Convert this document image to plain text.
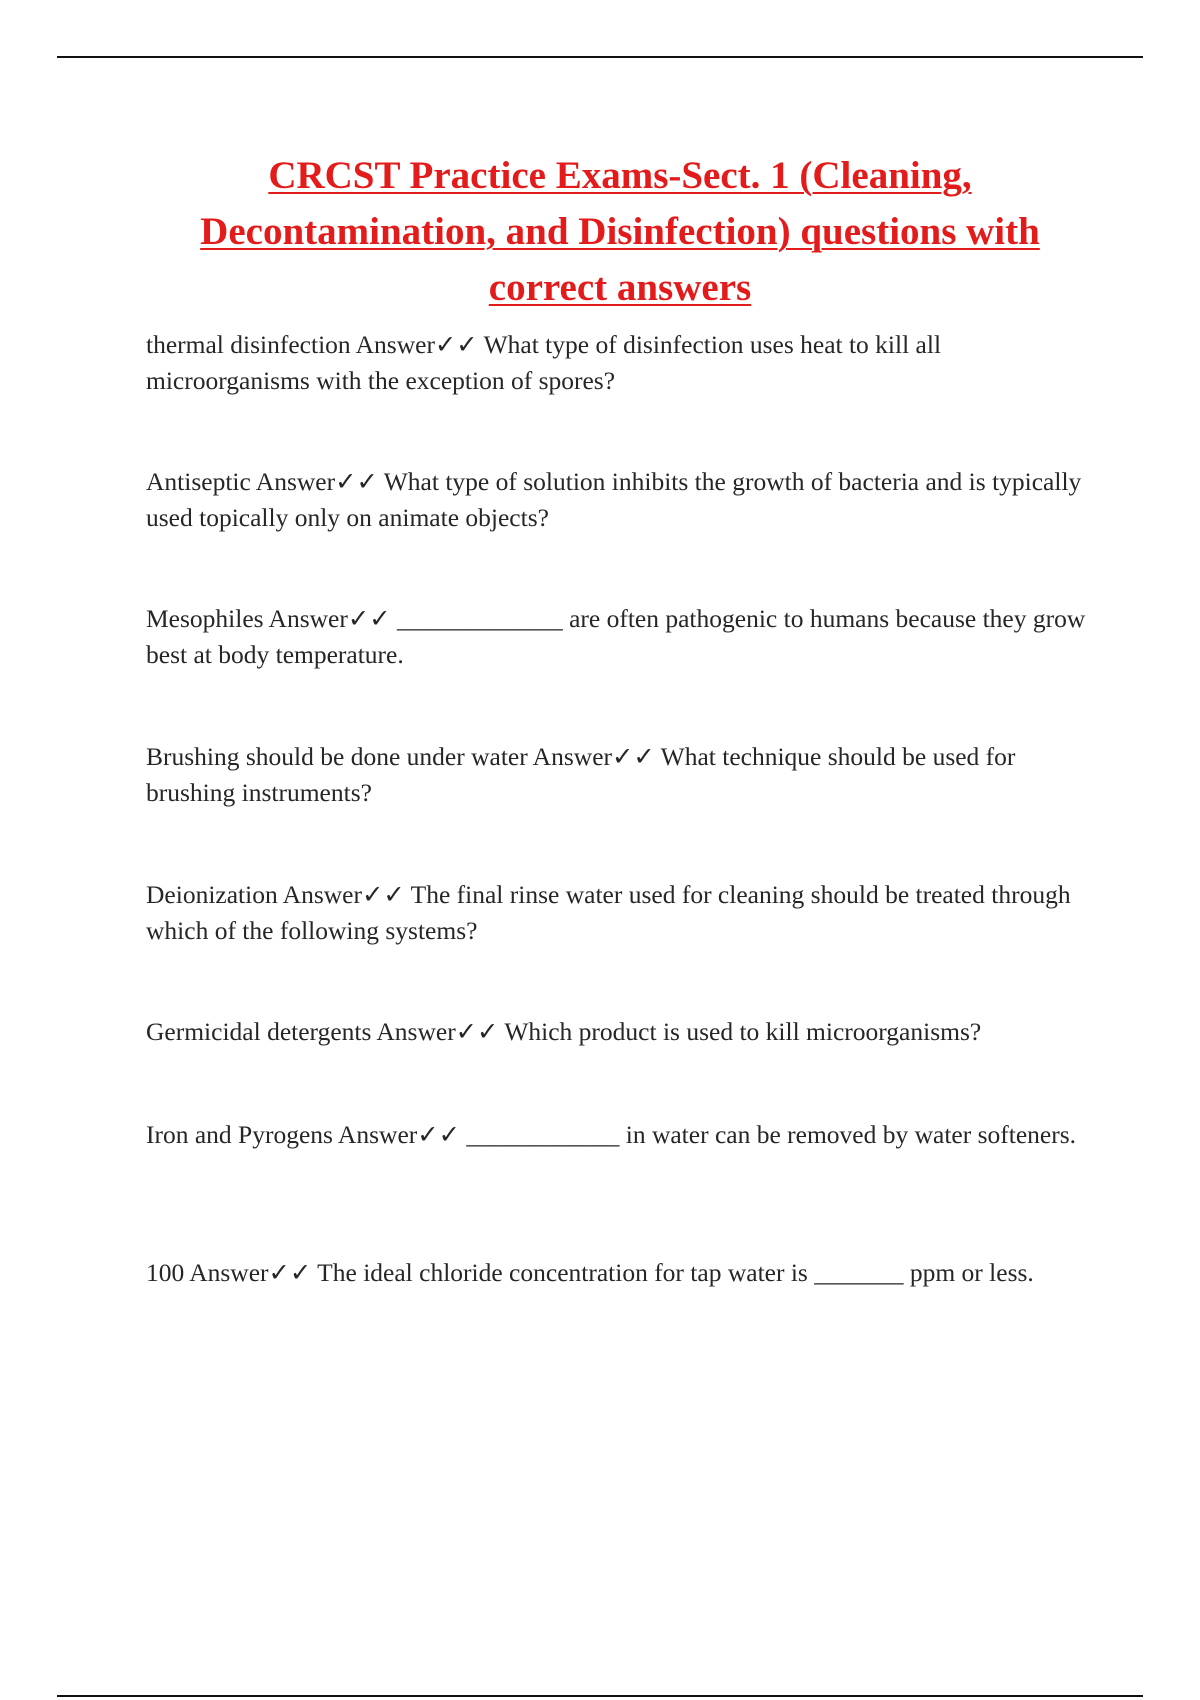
CRCST Practice Exams-Sect. 1 (Cleaning, Decontamination, and Disinfection) questions with correct answers

thermal disinfection Answer✓✓ What type of disinfection uses heat to kill all microorganisms with the exception of spores?

Antiseptic Answer✓✓ What type of solution inhibits the growth of bacteria and is typically used topically only on animate objects?

Mesophiles Answer✓✓ _____________ are often pathogenic to humans because they grow best at body temperature.

Brushing should be done under water Answer✓✓ What technique should be used for brushing instruments?

Deionization Answer✓✓ The final rinse water used for cleaning should be treated through which of the following systems?

Germicidal detergents Answer✓✓ Which product is used to kill microorganisms?

Iron and Pyrogens Answer✓✓ ____________ in water can be removed by water softeners.

100 Answer✓✓ The ideal chloride concentration for tap water is _______ ppm or less.
